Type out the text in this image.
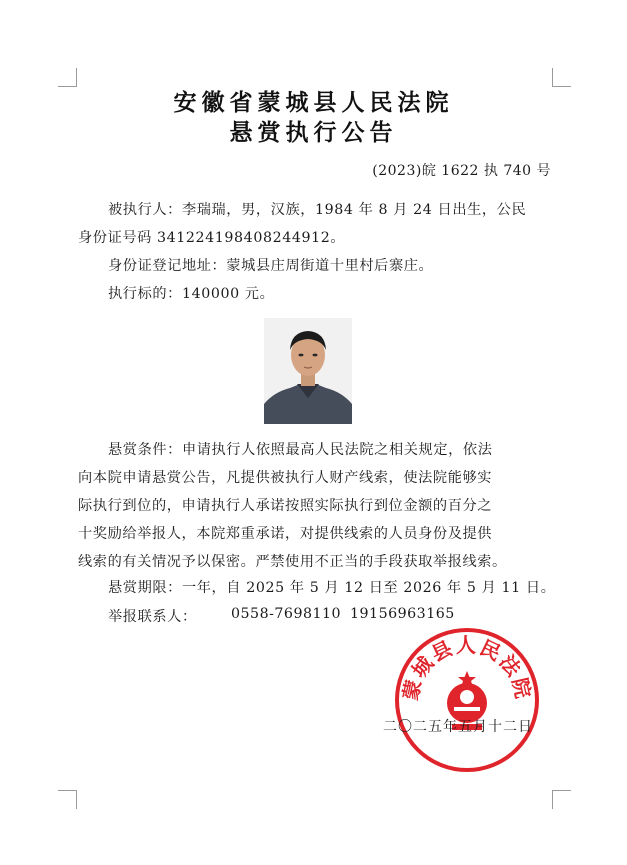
安徽省蒙城县人民法院
悬赏执行公告
(2023)皖 1622 执 740 号
被执行人：李瑞瑞，男，汉族，1984 年 8 月 24 日出生，公民
身份证号码 341224198408244912。
身份证登记地址：蒙城县庄周街道十里村后寨庄。
执行标的：140000 元。
悬赏条件：申请执行人依照最高人民法院之相关规定，依法
向本院申请悬赏公告，凡提供被执行人财产线索，使法院能够实
际执行到位的，申请执行人承诺按照实际执行到位金额的百分之
十奖励给举报人，本院郑重承诺，对提供线索的人员身份及提供
线索的有关情况予以保密。严禁使用不正当的手段获取举报线索。
悬赏期限：一年，自 2025 年 5 月 12 日至 2026 年 5 月 11 日。
举报联系人： 0558-7698110 19156963165
蒙城县人民法院
二〇二五年五月十二日
